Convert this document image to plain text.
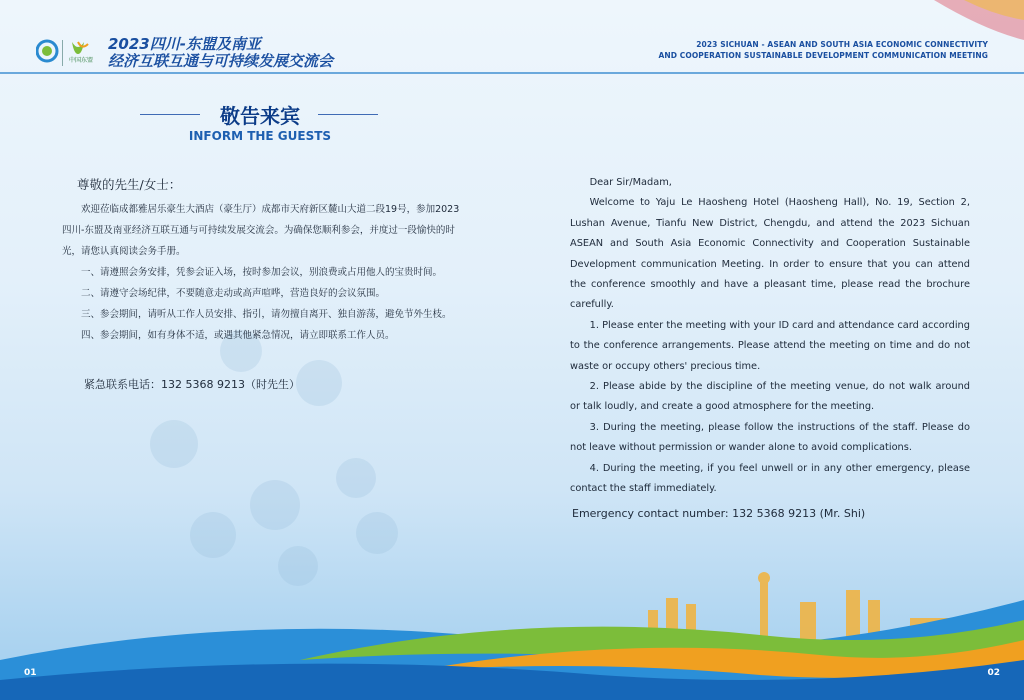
中国东盟
2023四川-东盟及南亚
经济互联互通与可持续发展交流会
2023 SICHUAN - ASEAN AND SOUTH ASIA ECONOMIC CONNECTIVITY
AND COOPERATION SUSTAINABLE DEVELOPMENT COMMUNICATION MEETING
敬告来宾
INFORM THE GUESTS

尊敬的先生/女士：

欢迎莅临成都雅居乐豪生大酒店（豪生厅）成都市天府新区麓山大道二段19号，参加2023四川-东盟及南亚经济互联互通与可持续发展交流会。为确保您顺利参会，并度过一段愉快的时光，请您认真阅读会务手册。

一、请遵照会务安排，凭参会证入场，按时参加会议，别浪费或占用他人的宝贵时间。

二、请遵守会场纪律，不要随意走动或高声喧哗，营造良好的会议氛围。

三、参会期间，请听从工作人员安排、指引，请勿擅自离开、独自游荡，避免节外生枝。

四、参会期间，如有身体不适，或遇其他紧急情况，请立即联系工作人员。

紧急联系电话：132 5368 9213（时先生）

Dear Sir/Madam,

Welcome to Yaju Le Haosheng Hotel (Haosheng Hall), No. 19, Section 2, Lushan Avenue, Tianfu New District, Chengdu, and attend the 2023 Sichuan ASEAN and South Asia Economic Connectivity and Cooperation Sustainable Development communication Meeting. In order to ensure that you can attend the conference smoothly and have a pleasant time, please read the brochure carefully.

1. Please enter the meeting with your ID card and attendance card according to the conference arrangements. Please attend the meeting on time and do not waste or occupy others' precious time.

2. Please abide by the discipline of the meeting venue, do not walk around or talk loudly, and create a good atmosphere for the meeting.

3. During the meeting, please follow the instructions of the staff. Please do not leave without permission or wander alone to avoid complications.

4. During the meeting, if you feel unwell or in any other emergency, please contact the staff immediately.

Emergency contact number: 132 5368 9213 (Mr. Shi)

01	02
